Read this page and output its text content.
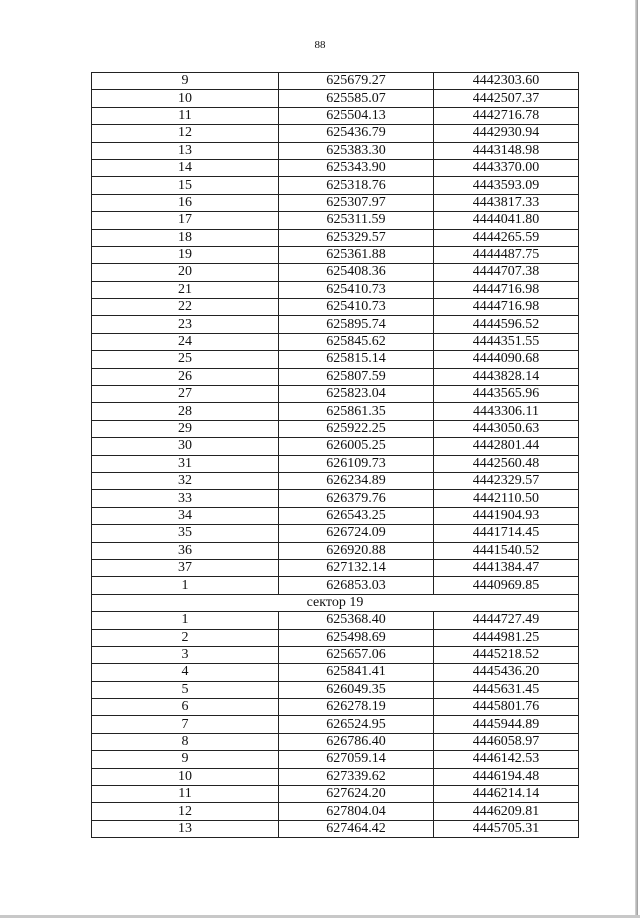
88
9	625679.27	4442303.60
10	625585.07	4442507.37
11	625504.13	4442716.78
12	625436.79	4442930.94
13	625383.30	4443148.98
14	625343.90	4443370.00
15	625318.76	4443593.09
16	625307.97	4443817.33
17	625311.59	4444041.80
18	625329.57	4444265.59
19	625361.88	4444487.75
20	625408.36	4444707.38
21	625410.73	4444716.98
22	625410.73	4444716.98
23	625895.74	4444596.52
24	625845.62	4444351.55
25	625815.14	4444090.68
26	625807.59	4443828.14
27	625823.04	4443565.96
28	625861.35	4443306.11
29	625922.25	4443050.63
30	626005.25	4442801.44
31	626109.73	4442560.48
32	626234.89	4442329.57
33	626379.76	4442110.50
34	626543.25	4441904.93
35	626724.09	4441714.45
36	626920.88	4441540.52
37	627132.14	4441384.47
1	626853.03	4440969.85
сектор 19		
1	625368.40	4444727.49
2	625498.69	4444981.25
3	625657.06	4445218.52
4	625841.41	4445436.20
5	626049.35	4445631.45
6	626278.19	4445801.76
7	626524.95	4445944.89
8	626786.40	4446058.97
9	627059.14	4446142.53
10	627339.62	4446194.48
11	627624.20	4446214.14
12	627804.04	4446209.81
13	627464.42	4445705.31
